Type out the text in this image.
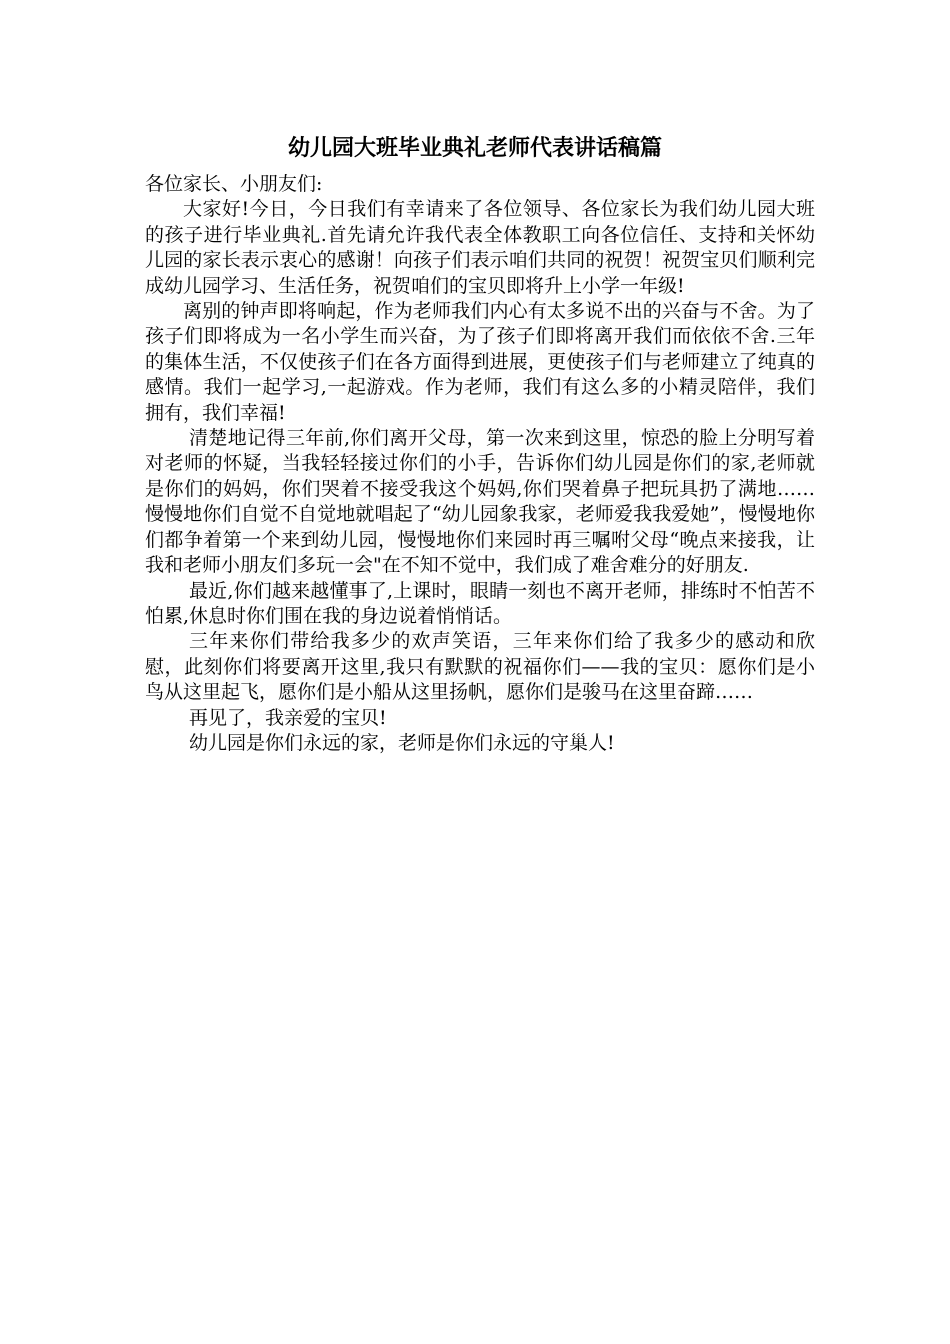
幼儿园大班毕业典礼老师代表讲话稿篇

各位家长、小朋友们:

大家好!今日，今日我们有幸请来了各位领导、各位家长为我们幼儿园大班的孩子进行毕业典礼.首先请允许我代表全体教职工向各位信任、支持和关怀幼儿园的家长表示衷心的感谢！向孩子们表示咱们共同的祝贺！祝贺宝贝们顺利完成幼儿园学习、生活任务，祝贺咱们的宝贝即将升上小学一年级!

离别的钟声即将响起，作为老师我们内心有太多说不出的兴奋与不舍。为了孩子们即将成为一名小学生而兴奋，为了孩子们即将离开我们而依依不舍.三年的集体生活，不仅使孩子们在各方面得到进展，更使孩子们与老师建立了纯真的感情。我们一起学习,一起游戏。作为老师，我们有这么多的小精灵陪伴，我们拥有，我们幸福!

清楚地记得三年前,你们离开父母，第一次来到这里，惊恐的脸上分明写着对老师的怀疑，当我轻轻接过你们的小手，告诉你们幼儿园是你们的家,老师就是你们的妈妈，你们哭着不接受我这个妈妈,你们哭着鼻子把玩具扔了满地……慢慢地你们自觉不自觉地就唱起了“幼儿园象我家，老师爱我我爱她”，慢慢地你们都争着第一个来到幼儿园，慢慢地你们来园时再三嘱咐父母“晚点来接我，让我和老师小朋友们多玩一会"在不知不觉中，我们成了难舍难分的好朋友.

最近,你们越来越懂事了,上课时，眼睛一刻也不离开老师，排练时不怕苦不怕累,休息时你们围在我的身边说着悄悄话。

三年来你们带给我多少的欢声笑语，三年来你们给了我多少的感动和欣慰，此刻你们将要离开这里,我只有默默的祝福你们——我的宝贝：愿你们是小鸟从这里起飞，愿你们是小船从这里扬帆，愿你们是骏马在这里奋蹄……

再见了，我亲爱的宝贝!

幼儿园是你们永远的家，老师是你们永远的守巢人!
